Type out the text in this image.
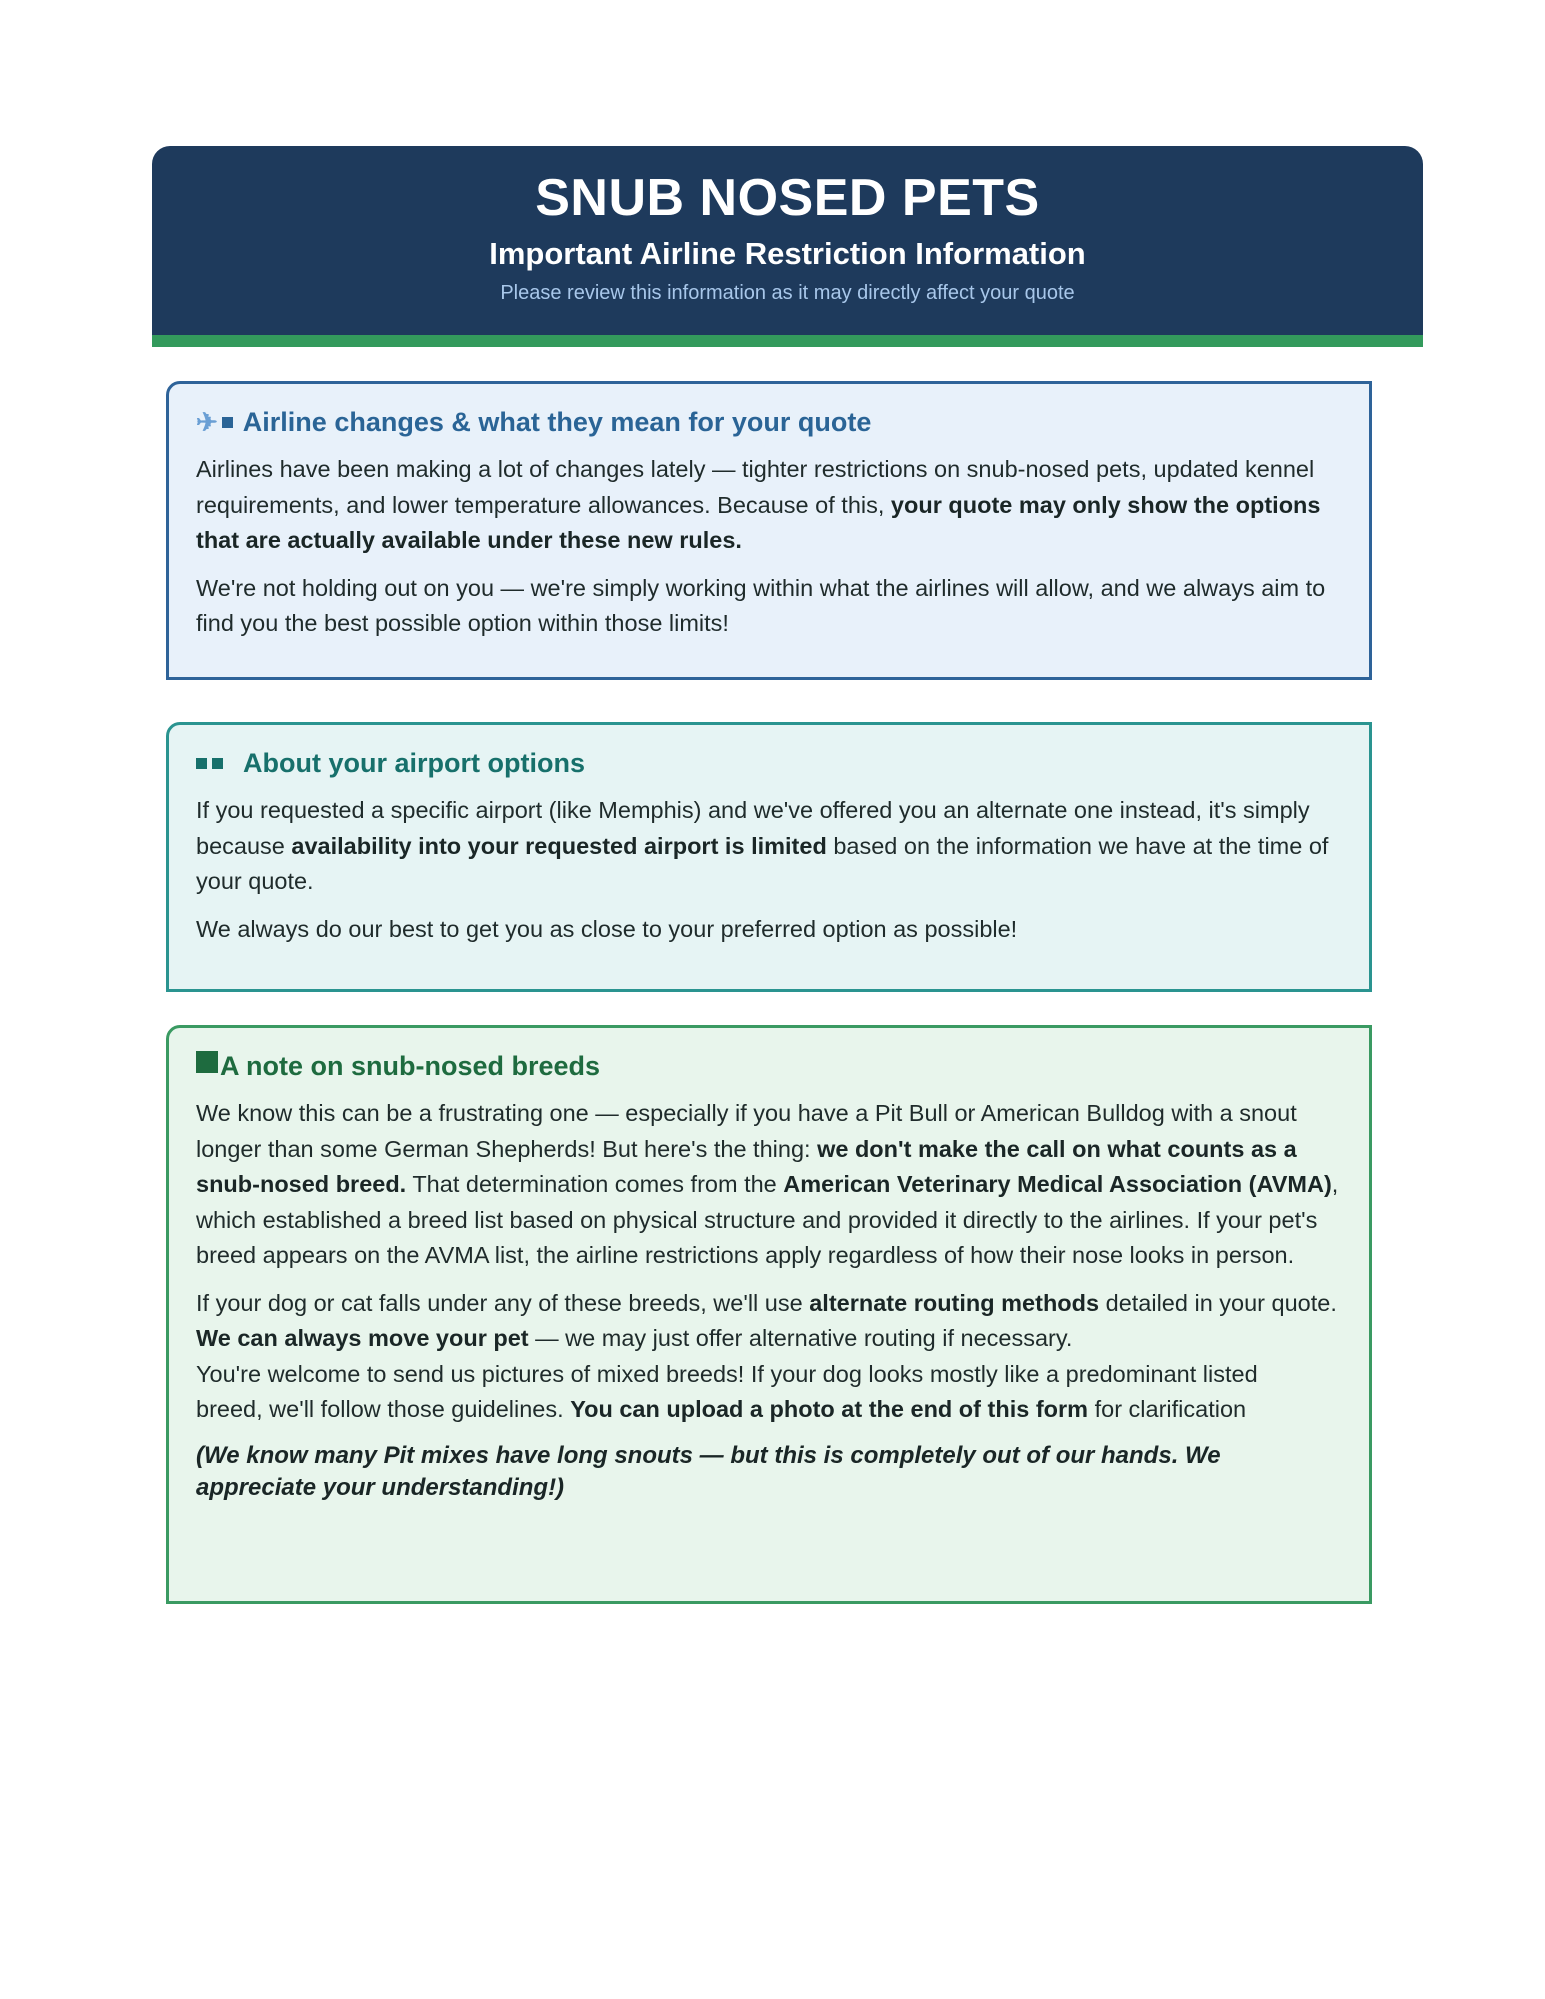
SNUB NOSED PETS
Important Airline Restriction Information
Please review this information as it may directly affect your quote
✈ Airline changes & what they mean for your quote

Airlines have been making a lot of changes lately — tighter restrictions on snub-nosed pets, updated kennel requirements, and lower temperature allowances. Because of this, your quote may only show the options that are actually available under these new rules.

We're not holding out on you — we're simply working within what the airlines will allow, and we always aim to find you the best possible option within those limits!

About your airport options

If you requested a specific airport (like Memphis) and we've offered you an alternate one instead, it's simply because availability into your requested airport is limited based on the information we have at the time of your quote.

We always do our best to get you as close to your preferred option as possible!

A note on snub-nosed breeds

We know this can be a frustrating one — especially if you have a Pit Bull or American Bulldog with a snout longer than some German Shepherds! But here's the thing: we don't make the call on what counts as a snub-nosed breed. That determination comes from the American Veterinary Medical Association (AVMA), which established a breed list based on physical structure and provided it directly to the airlines. If your pet's breed appears on the AVMA list, the airline restrictions apply regardless of how their nose looks in person.

If your dog or cat falls under any of these breeds, we'll use alternate routing methods detailed in your quote. We can always move your pet — we may just offer alternative routing if necessary.

You're welcome to send us pictures of mixed breeds! If your dog looks mostly like a predominant listed

breed, we'll follow those guidelines. You can upload a photo at the end of this form for clarification

(We know many Pit mixes have long snouts — but this is completely out of our hands. We appreciate your understanding!)
